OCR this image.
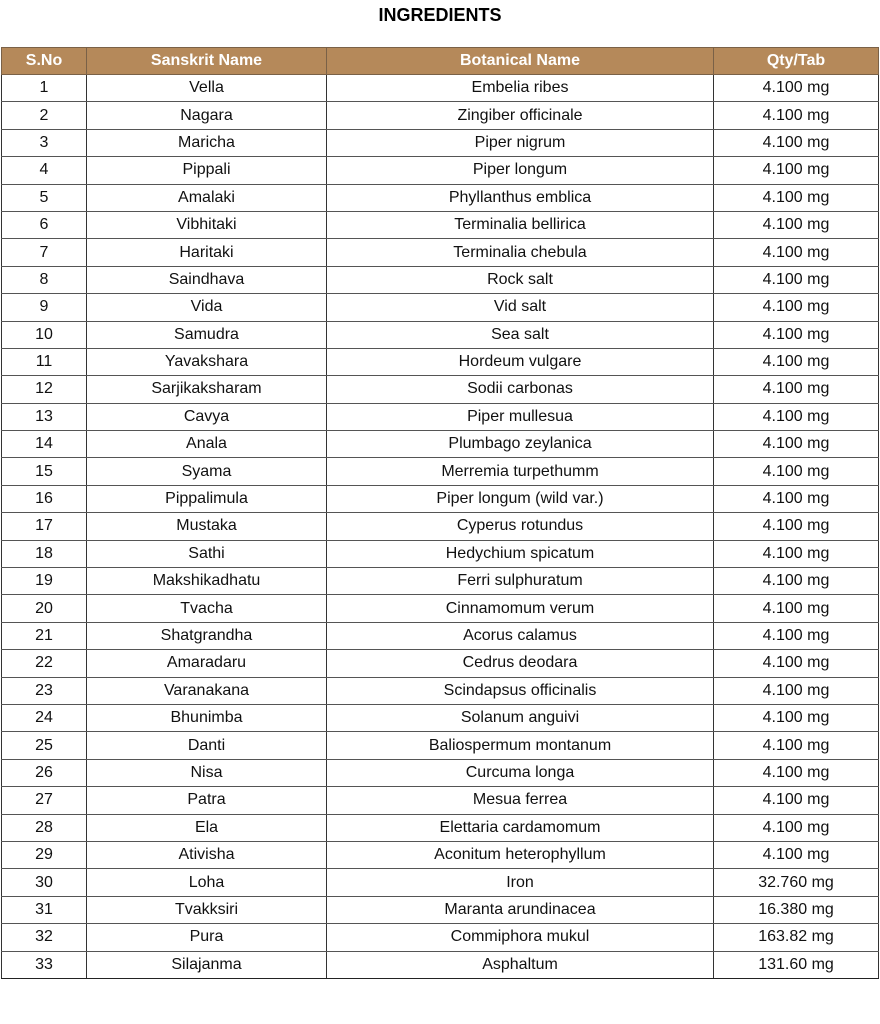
INGREDIENTS
S.No	Sanskrit Name	Botanical Name	Qty/Tab
1	Vella	Embelia ribes	4.100 mg
2	Nagara	Zingiber officinale	4.100 mg
3	Maricha	Piper nigrum	4.100 mg
4	Pippali	Piper longum	4.100 mg
5	Amalaki	Phyllanthus emblica	4.100 mg
6	Vibhitaki	Terminalia bellirica	4.100 mg
7	Haritaki	Terminalia chebula	4.100 mg
8	Saindhava	Rock salt	4.100 mg
9	Vida	Vid salt	4.100 mg
10	Samudra	Sea salt	4.100 mg
11	Yavakshara	Hordeum vulgare	4.100 mg
12	Sarjikaksharam	Sodii carbonas	4.100 mg
13	Cavya	Piper mullesua	4.100 mg
14	Anala	Plumbago zeylanica	4.100 mg
15	Syama	Merremia turpethumm	4.100 mg
16	Pippalimula	Piper longum (wild var.)	4.100 mg
17	Mustaka	Cyperus rotundus	4.100 mg
18	Sathi	Hedychium spicatum	4.100 mg
19	Makshikadhatu	Ferri sulphuratum	4.100 mg
20	Tvacha	Cinnamomum verum	4.100 mg
21	Shatgrandha	Acorus calamus	4.100 mg
22	Amaradaru	Cedrus deodara	4.100 mg
23	Varanakana	Scindapsus officinalis	4.100 mg
24	Bhunimba	Solanum anguivi	4.100 mg
25	Danti	Baliospermum montanum	4.100 mg
26	Nisa	Curcuma longa	4.100 mg
27	Patra	Mesua ferrea	4.100 mg
28	Ela	Elettaria cardamomum	4.100 mg
29	Ativisha	Aconitum heterophyllum	4.100 mg
30	Loha	Iron	32.760 mg
31	Tvakksiri	Maranta arundinacea	16.380 mg
32	Pura	Commiphora mukul	163.82 mg
33	Silajanma	Asphaltum	131.60 mg
